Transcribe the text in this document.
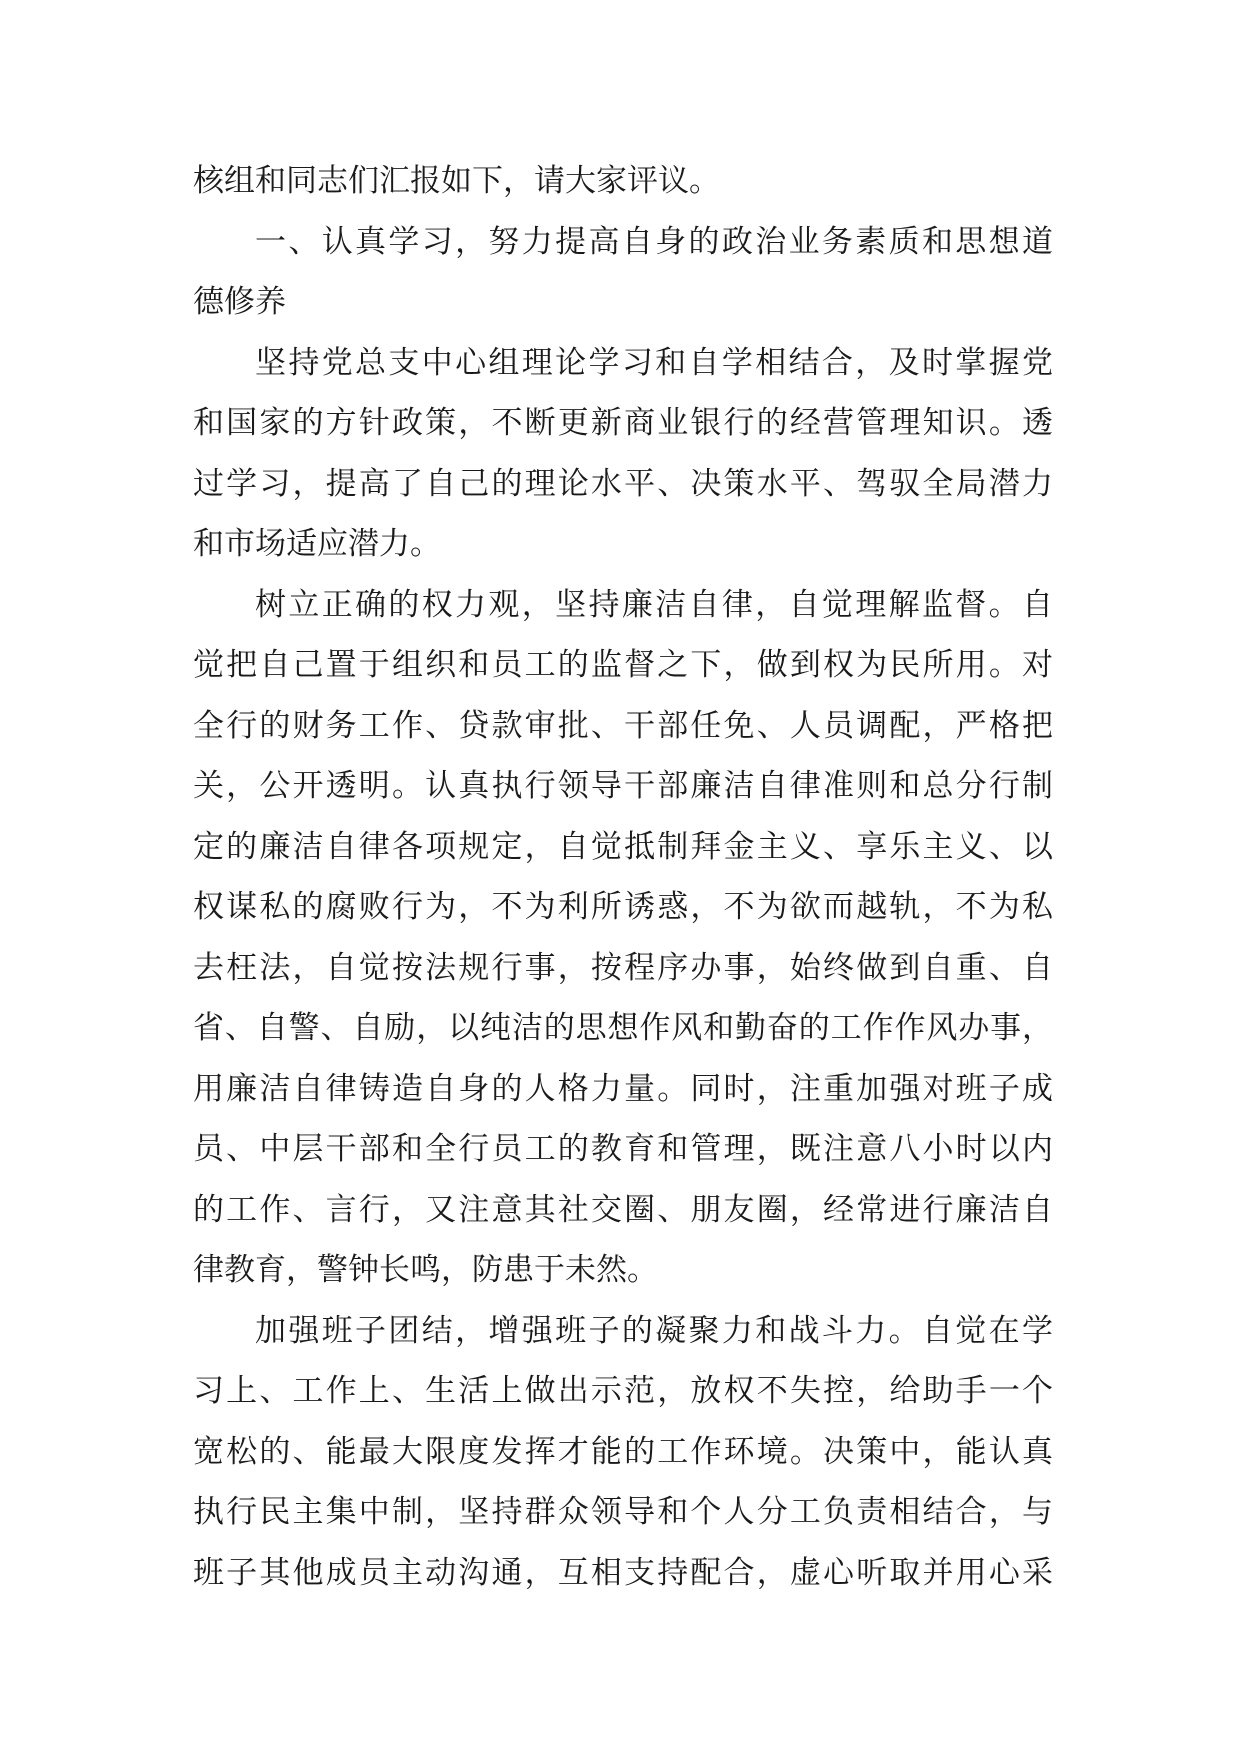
核组和同志们汇报如下，请大家评议。
一、认真学习，努力提高自身的政治业务素质和思想道
德修养
坚持党总支中心组理论学习和自学相结合，及时掌握党
和国家的方针政策，不断更新商业银行的经营管理知识。透
过学习，提高了自己的理论水平、决策水平、驾驭全局潜力
和市场适应潜力。
树立正确的权力观，坚持廉洁自律，自觉理解监督。自
觉把自己置于组织和员工的监督之下，做到权为民所用。对
全行的财务工作、贷款审批、干部任免、人员调配，严格把
关，公开透明。认真执行领导干部廉洁自律准则和总分行制
定的廉洁自律各项规定，自觉抵制拜金主义、享乐主义、以
权谋私的腐败行为，不为利所诱惑，不为欲而越轨，不为私
去枉法，自觉按法规行事，按程序办事，始终做到自重、自
省、自警、自励，以纯洁的思想作风和勤奋的工作作风办事，
用廉洁自律铸造自身的人格力量。同时，注重加强对班子成
员、中层干部和全行员工的教育和管理，既注意八小时以内
的工作、言行，又注意其社交圈、朋友圈，经常进行廉洁自
律教育，警钟长鸣，防患于未然。
加强班子团结，增强班子的凝聚力和战斗力。自觉在学
习上、工作上、生活上做出示范，放权不失控，给助手一个
宽松的、能最大限度发挥才能的工作环境。决策中，能认真
执行民主集中制，坚持群众领导和个人分工负责相结合，与
班子其他成员主动沟通，互相支持配合，虚心听取并用心采
